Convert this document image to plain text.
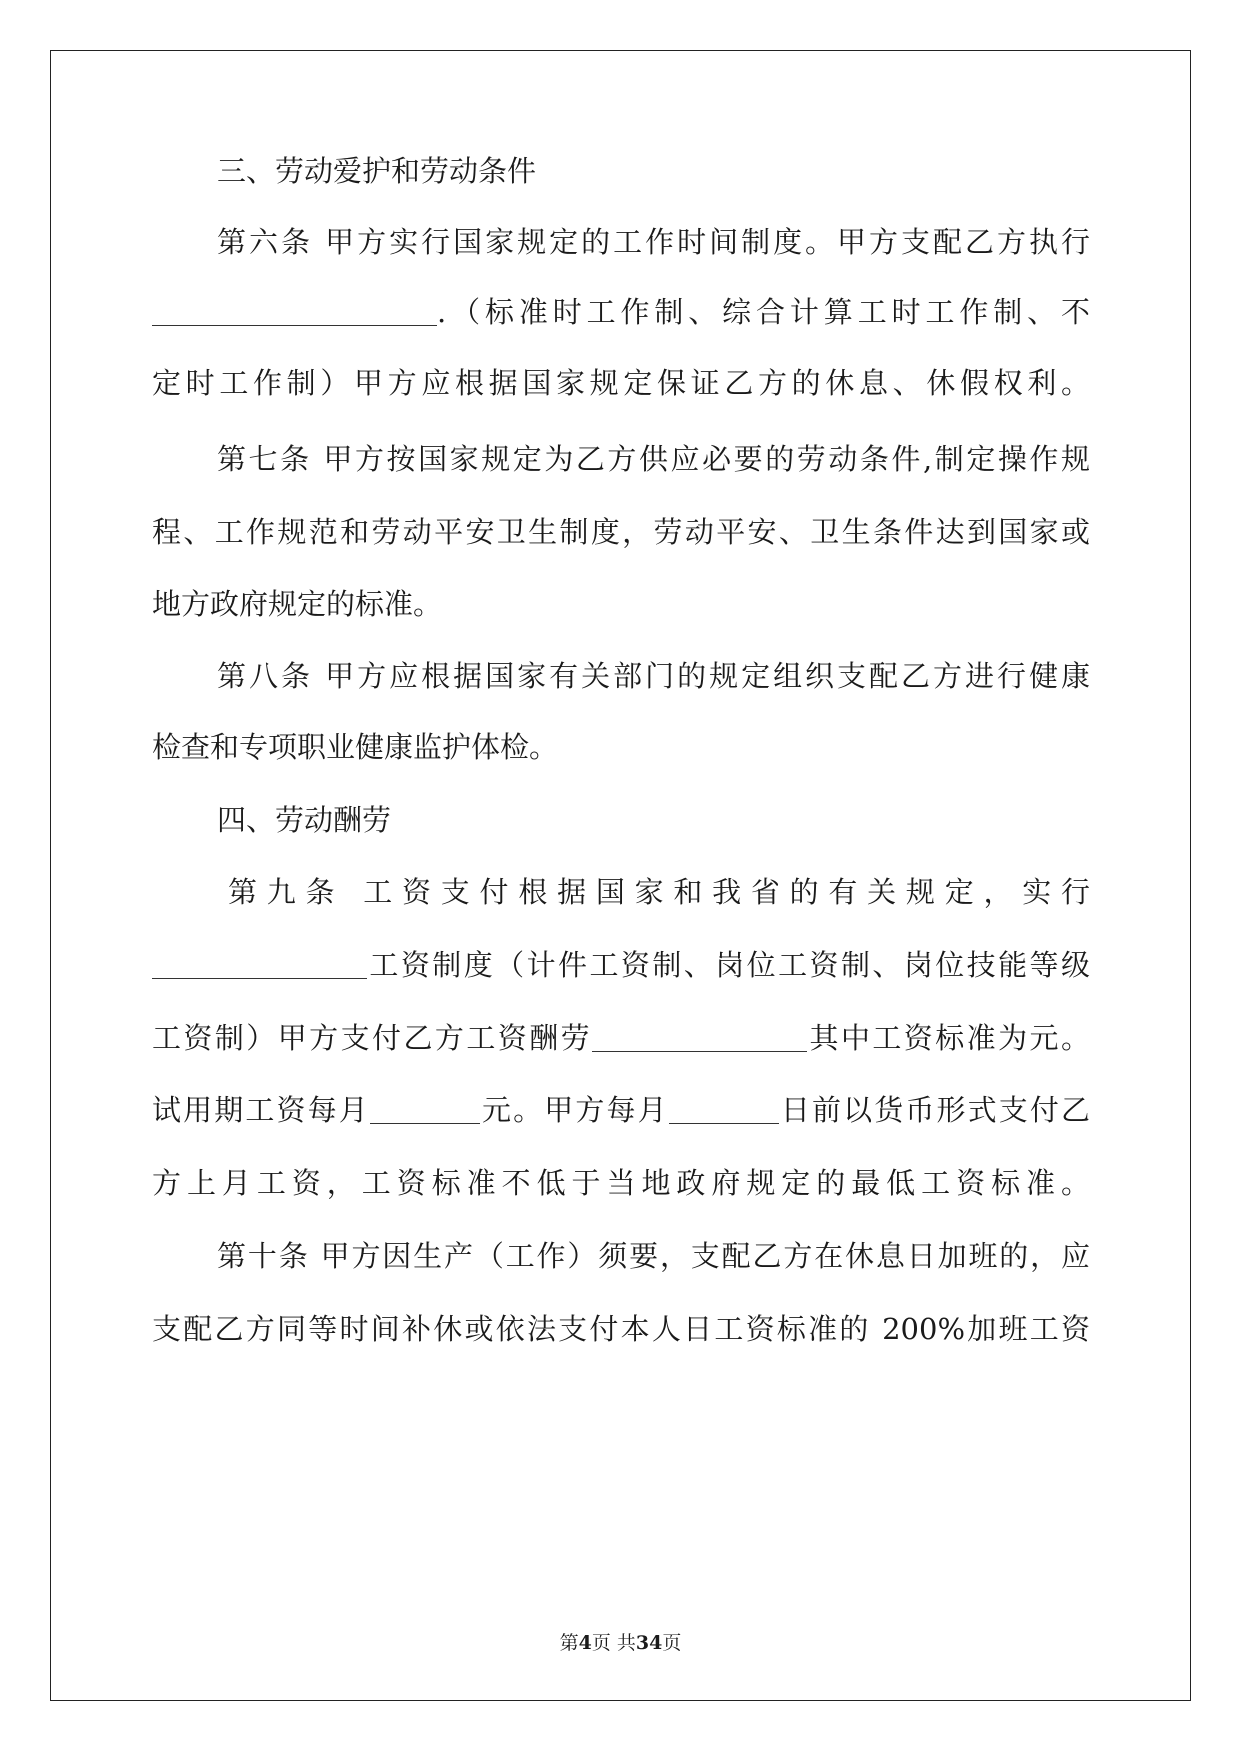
三、劳动爱护和劳动条件
第六条 甲方实行国家规定的工作时间制度。甲方支配乙方执行
.（标准时工作制、综合计算工时工作制、不
定时工作制）甲方应根据国家规定保证乙方的休息、休假权利。
第七条 甲方按国家规定为乙方供应必要的劳动条件,制定操作规
程、工作规范和劳动平安卫生制度，劳动平安、卫生条件达到国家或
地方政府规定的标准。
第八条 甲方应根据国家有关部门的规定组织支配乙方进行健康
检查和专项职业健康监护体检。
四、劳动酬劳
第九条 工资支付根据国家和我省的有关规定，实行
工资制度（计件工资制、岗位工资制、岗位技能等级
工资制）甲方支付乙方工资酬劳	其中工资标准为元。
试用期工资每月	元。甲方每月	日前以货币形式支付乙
方上月工资，工资标准不低于当地政府规定的最低工资标准。
第十条 甲方因生产（工作）须要，支配乙方在休息日加班的，应
支配乙方同等时间补休或依法支付本人日工资标准的 200%加班工资
第4页 共34页
